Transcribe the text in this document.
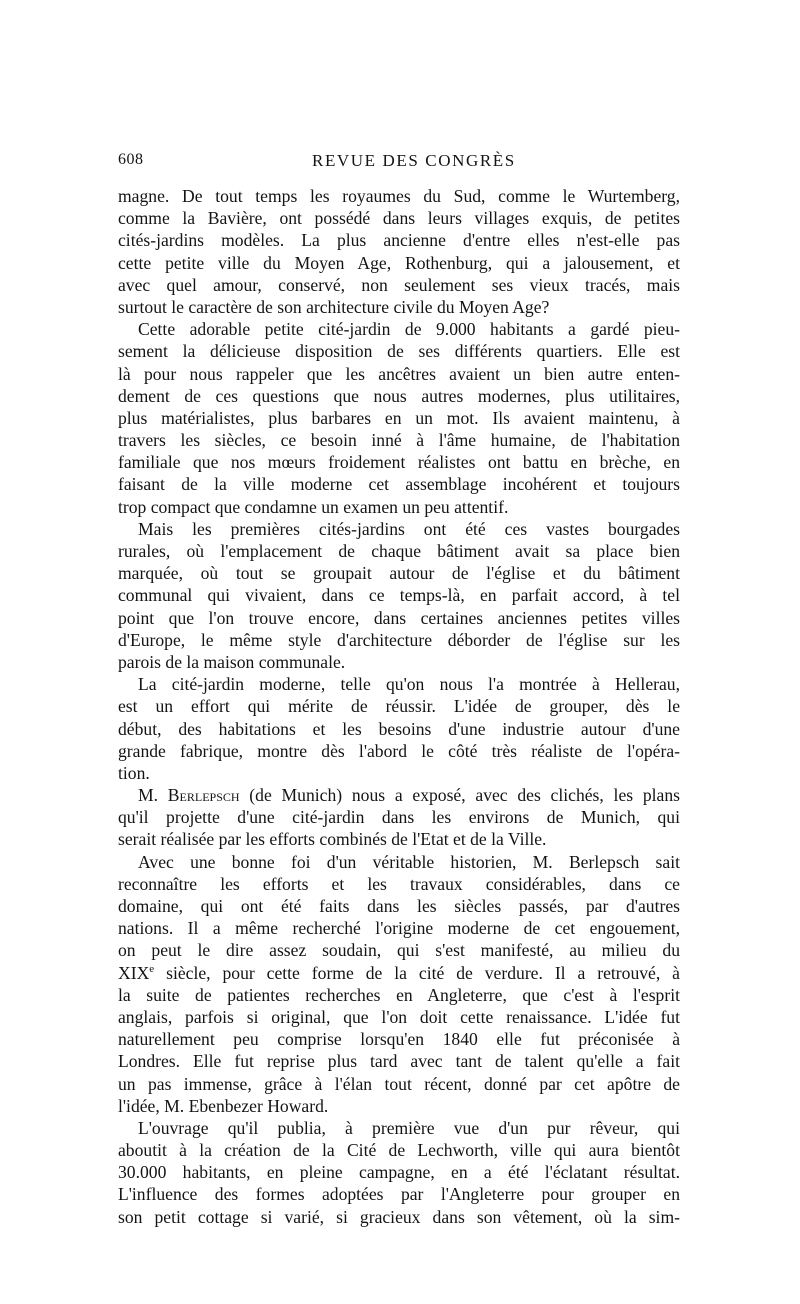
608	REVUE DES CONGRÈS

magne. De tout temps les royaumes du Sud, comme le Wurtemberg,
comme la Bavière, ont possédé dans leurs villages exquis, de petites
cités-jardins modèles. La plus ancienne d'entre elles n'est-elle pas
cette petite ville du Moyen Age, Rothenburg, qui a jalousement, et
avec quel amour, conservé, non seulement ses vieux tracés, mais
surtout le caractère de son architecture civile du Moyen Age?

Cette adorable petite cité-jardin de 9.000 habitants a gardé pieu-
sement la délicieuse disposition de ses différents quartiers. Elle est
là pour nous rappeler que les ancêtres avaient un bien autre enten-
dement de ces questions que nous autres modernes, plus utilitaires,
plus matérialistes, plus barbares en un mot. Ils avaient maintenu, à
travers les siècles, ce besoin inné à l'âme humaine, de l'habitation
familiale que nos mœurs froidement réalistes ont battu en brèche, en
faisant de la ville moderne cet assemblage incohérent et toujours
trop compact que condamne un examen un peu attentif.

Mais les premières cités-jardins ont été ces vastes bourgades
rurales, où l'emplacement de chaque bâtiment avait sa place bien
marquée, où tout se groupait autour de l'église et du bâtiment
communal qui vivaient, dans ce temps-là, en parfait accord, à tel
point que l'on trouve encore, dans certaines anciennes petites villes
d'Europe, le même style d'architecture déborder de l'église sur les
parois de la maison communale.

La cité-jardin moderne, telle qu'on nous l'a montrée à Hellerau,
est un effort qui mérite de réussir. L'idée de grouper, dès le
début, des habitations et les besoins d'une industrie autour d'une
grande fabrique, montre dès l'abord le côté très réaliste de l'opéra-
tion.

M. Berlepsch (de Munich) nous a exposé, avec des clichés, les plans
qu'il projette d'une cité-jardin dans les environs de Munich, qui
serait réalisée par les efforts combinés de l'Etat et de la Ville.

Avec une bonne foi d'un véritable historien, M. Berlepsch sait
reconnaître les efforts et les travaux considérables, dans ce
domaine, qui ont été faits dans les siècles passés, par d'autres
nations. Il a même recherché l'origine moderne de cet engouement,
on peut le dire assez soudain, qui s'est manifesté, au milieu du
XIXe siècle, pour cette forme de la cité de verdure. Il a retrouvé, à
la suite de patientes recherches en Angleterre, que c'est à l'esprit
anglais, parfois si original, que l'on doit cette renaissance. L'idée fut
naturellement peu comprise lorsqu'en 1840 elle fut préconisée à
Londres. Elle fut reprise plus tard avec tant de talent qu'elle a fait
un pas immense, grâce à l'élan tout récent, donné par cet apôtre de
l'idée, M. Ebenbezer Howard.

L'ouvrage qu'il publia, à première vue d'un pur rêveur, qui
aboutit à la création de la Cité de Lechworth, ville qui aura bientôt
30.000 habitants, en pleine campagne, en a été l'éclatant résultat.
L'influence des formes adoptées par l'Angleterre pour grouper en
son petit cottage si varié, si gracieux dans son vêtement, où la sim-
